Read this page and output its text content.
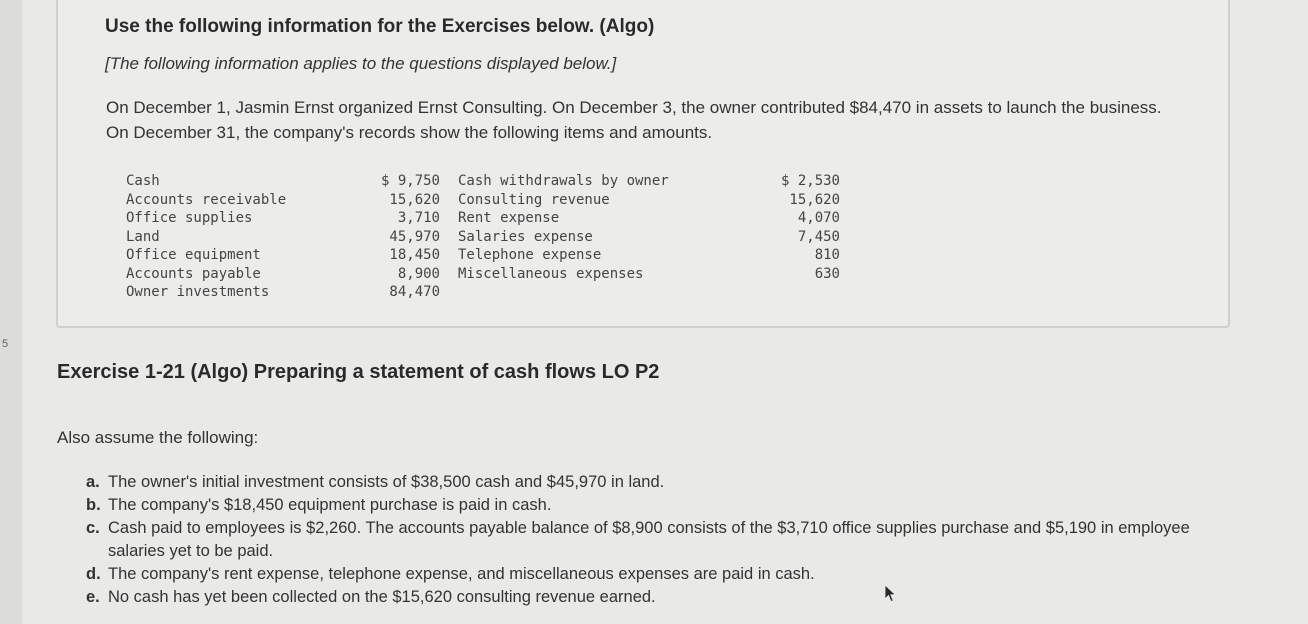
5
Use the following information for the Exercises below. (Algo)
[The following information applies to the questions displayed below.]
On December 1, Jasmin Ernst organized Ernst Consulting. On December 3, the owner contributed $84,470 in assets to launch the business. On December 31, the company's records show the following items and amounts.
Cash
Accounts receivable
Office supplies
Land
Office equipment
Accounts payable
Owner investments
$ 9,750
15,620
3,710
45,970
18,450
8,900
84,470
Cash withdrawals by owner
Consulting revenue
Rent expense
Salaries expense
Telephone expense
Miscellaneous expenses
$ 2,530
15,620
4,070
7,450
810
630
Exercise 1-21 (Algo) Preparing a statement of cash flows LO P2
Also assume the following:
a. The owner's initial investment consists of $38,500 cash and $45,970 in land.
b. The company's $18,450 equipment purchase is paid in cash.
c. Cash paid to employees is $2,260. The accounts payable balance of $8,900 consists of the $3,710 office supplies purchase and $5,190 in employee salaries yet to be paid.
d. The company's rent expense, telephone expense, and miscellaneous expenses are paid in cash.
e. No cash has yet been collected on the $15,620 consulting revenue earned.
